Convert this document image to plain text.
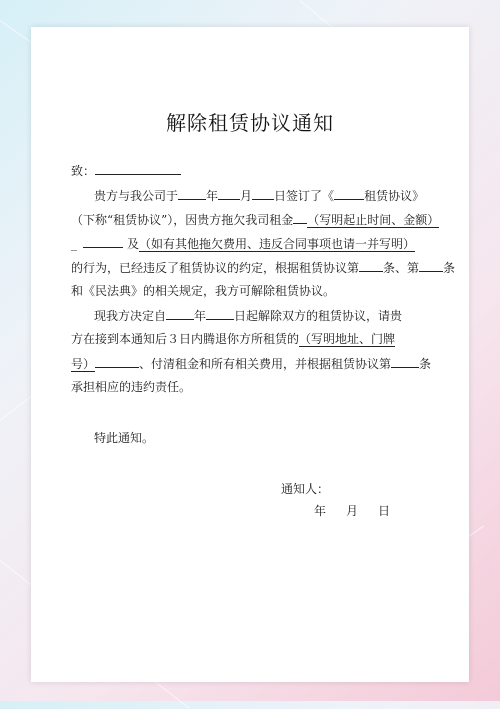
解除租赁协议通知
致：
贵方与我公司于 年 月 日签订了《	租赁协议》
（下称“租赁协议”），因贵方拖欠我司租金 （写明起止时间、金额）
_	及（如有其他拖欠费用、违反合同事项也请一并写明）
的行为，已经违反了租赁协议的约定，根据租赁协议第 条、第 条
和《民法典》的相关规定，我方可解除租赁协议。
现我方决定自 年 日起解除双方的租赁协议，请贵
方在接到本通知后３日内腾退你方所租赁的（写明地址、门牌
号）	、付清租金和所有相关费用，并根据租赁协议第 条
承担相应的违约责任。
特此通知。
通知人：
年 月 日
